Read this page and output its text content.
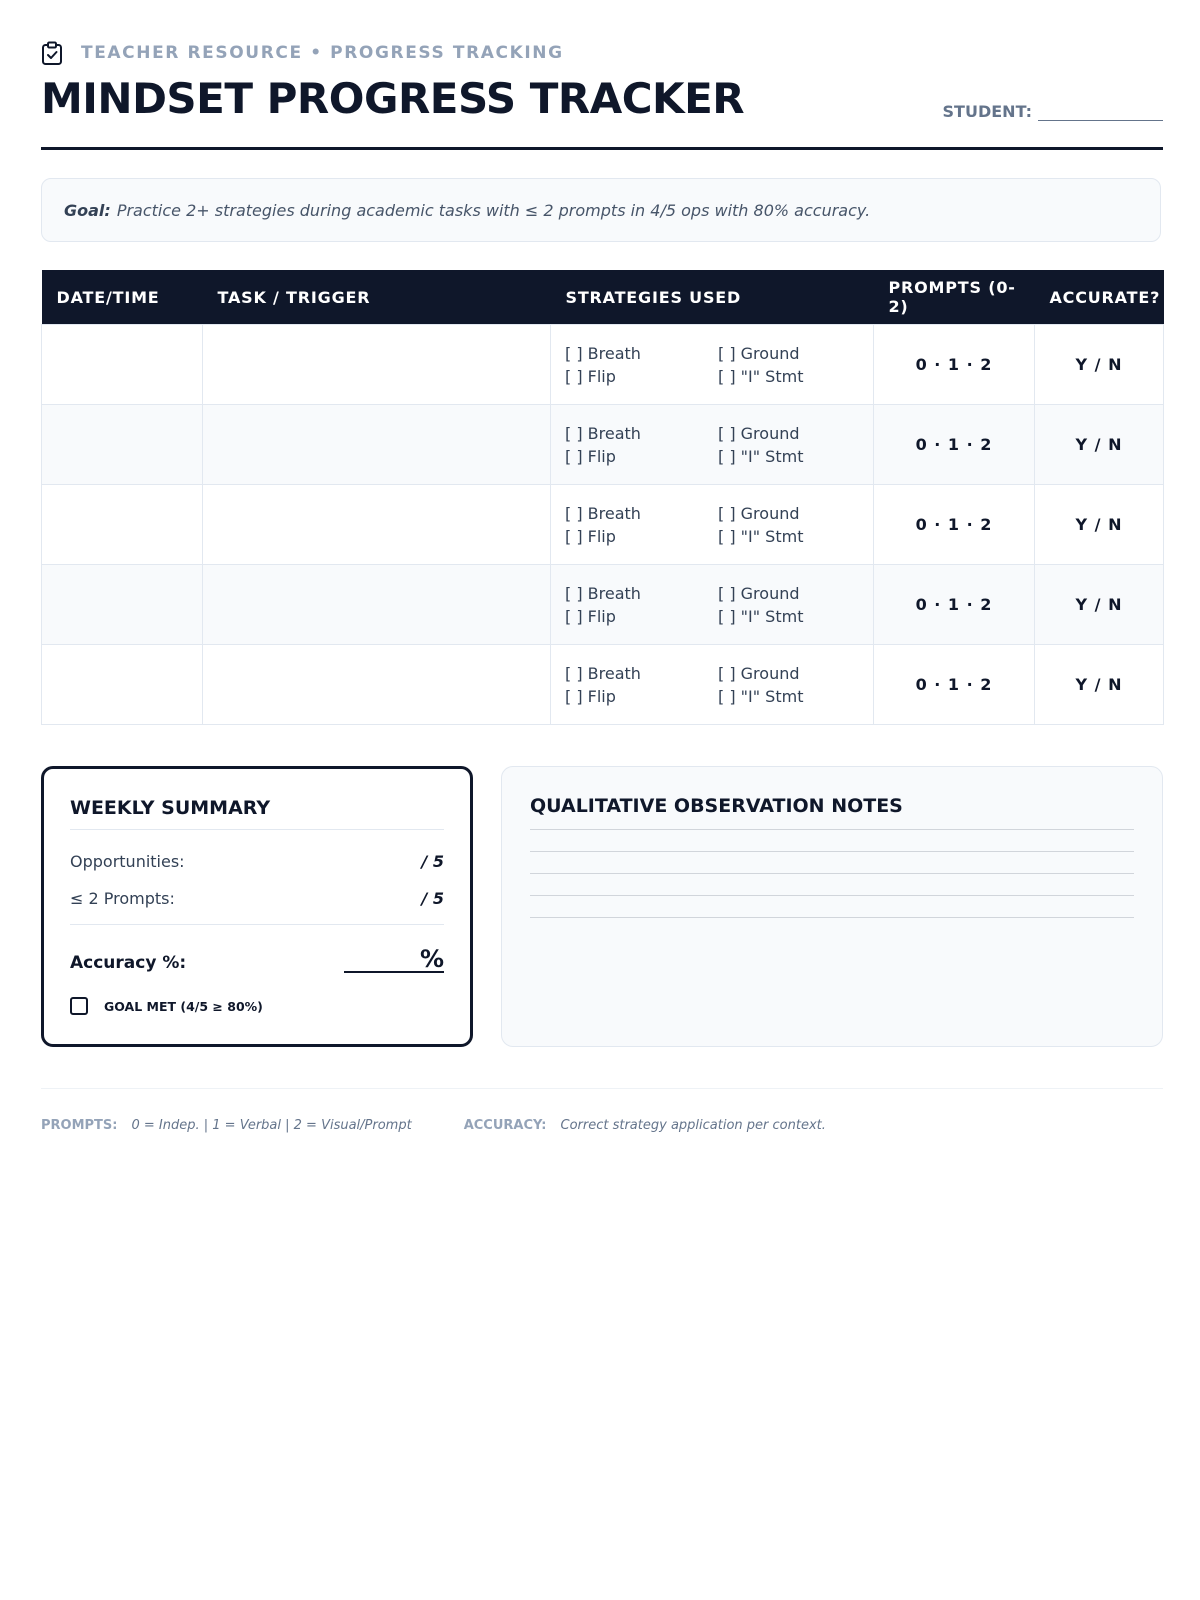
TEACHER RESOURCE • PROGRESS TRACKING
MINDSET PROGRESS TRACKER	STUDENT:
Goal: Practice 2+ strategies during academic tasks with ≤ 2 prompts in 4/5 ops with 80% accuracy.
DATE/TIME	TASK / TRIGGER	STRATEGIES USED	PROMPTS (0-2)	ACCURATE?

		[ ] Breath [ ] Ground
[ ] Flip [ ] "I" Stmt	0 · 1 · 2	Y / N

		[ ] Breath [ ] Ground
[ ] Flip [ ] "I" Stmt	0 · 1 · 2	Y / N

		[ ] Breath [ ] Ground
[ ] Flip [ ] "I" Stmt	0 · 1 · 2	Y / N

		[ ] Breath [ ] Ground
[ ] Flip [ ] "I" Stmt	0 · 1 · 2	Y / N

		[ ] Breath [ ] Ground
[ ] Flip [ ] "I" Stmt	0 · 1 · 2	Y / N
WEEKLY SUMMARY
Opportunities:	/ 5
≤ 2 Prompts:	/ 5
Accuracy %:	%
GOAL MET (4/5 ≥ 80%)
QUALITATIVE OBSERVATION NOTES
PROMPTS: 0 = Indep. | 1 = Verbal | 2 = Visual/Prompt	ACCURACY: Correct strategy application per context.
